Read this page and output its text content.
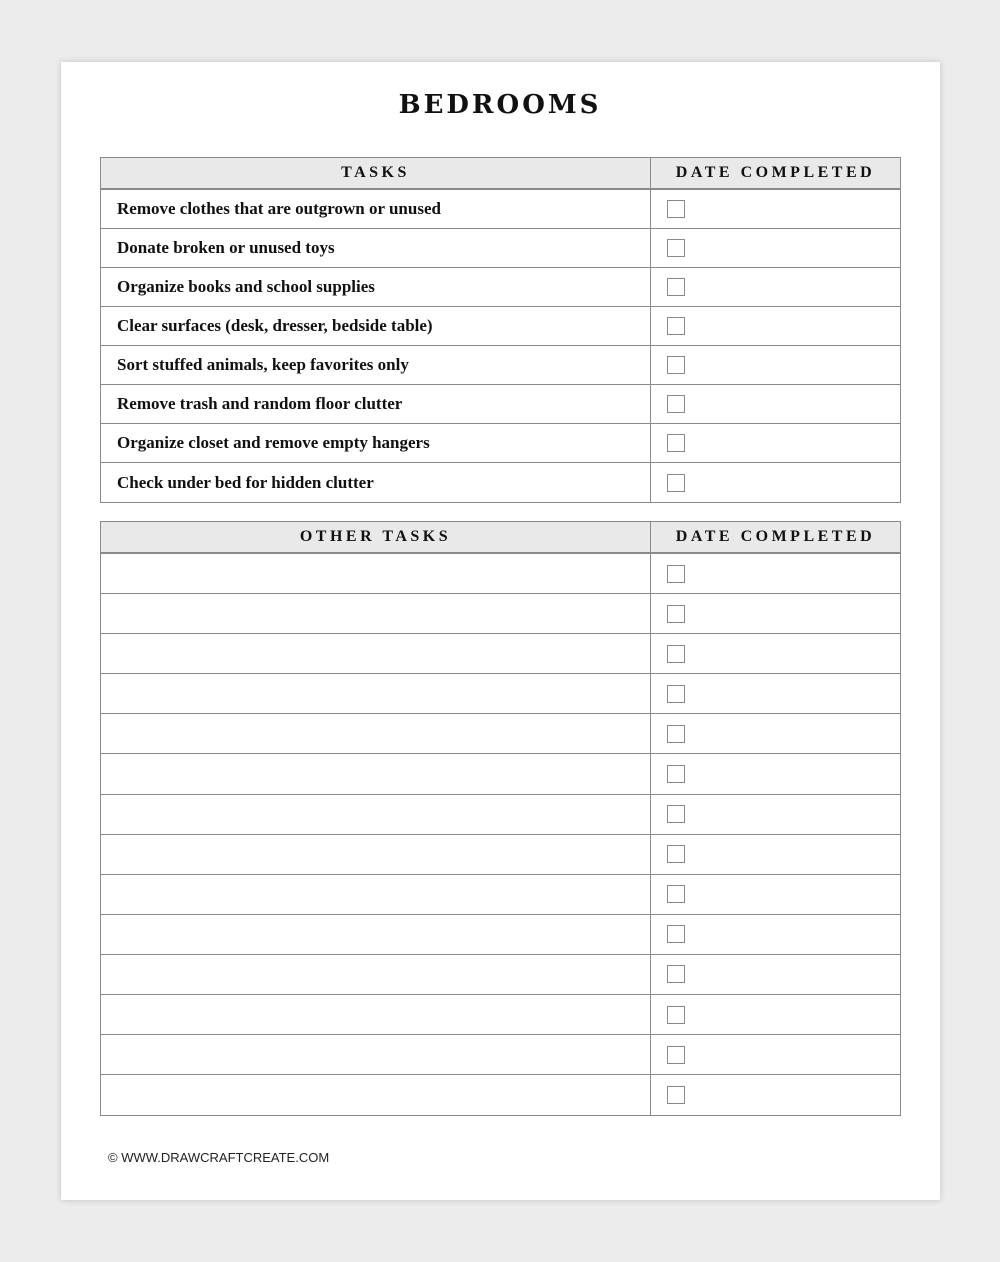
BEDROOMS
TASKS	DATE COMPLETED
Remove clothes that are outgrown or unused
Donate broken or unused toys
Organize books and school supplies
Clear surfaces (desk, dresser, bedside table)
Sort stuffed animals, keep favorites only
Remove trash and random floor clutter
Organize closet and remove empty hangers
Check under bed for hidden clutter
OTHER TASKS	DATE COMPLETED
© WWW.DRAWCRAFTCREATE.COM
